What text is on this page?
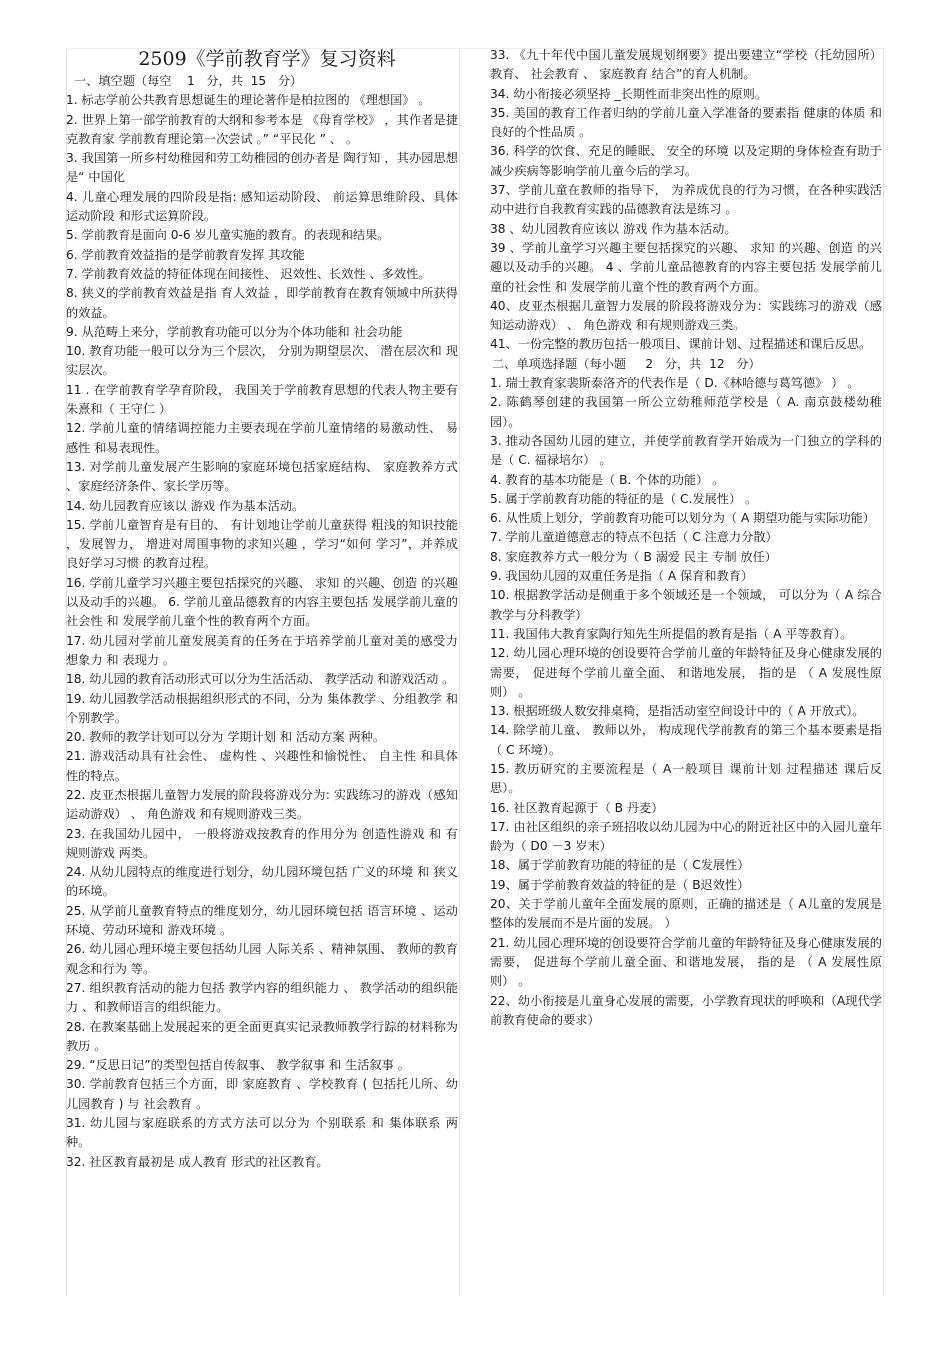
2509《学前教育学》复习资料
一、填空题（每空    1   分，共  15   分）

1. 标志学前公共教育思想诞生的理论著作是柏拉图的 《理想国》 。

2. 世界上第一部学前教育的大纲和参考本是 《母育学校》 ，其作者是捷克教育家 学前教育理论第一次尝试 。” “平民化 ” 、 。

3. 我国第一所乡村幼稚园和劳工幼稚园的创办者是 陶行知 ，其办园思想是“ 中国化

4. 儿童心理发展的四阶段是指: 感知运动阶段、 前运算思维阶段、具体运动阶段 和形式运算阶段。

5. 学前教育是面向 0-6 岁儿童实施的教育。的表现和结果。

6. 学前教育效益指的是学前教育发挥 其攻能

7. 学前教育效益的特征体现在间接性、 迟效性、长效性 、多效性。

8. 狭义的学前教育效益是指 育人效益 ，即学前教育在教育领域中所获得的效益。

9. 从范畴上来分，学前教育功能可以分为个体功能和 社会功能

10. 教育功能一般可以分为三个层次， 分别为期望层次、 潜在层次和 现实层次。

11 . 在学前教育学孕育阶段， 我国关于学前教育思想的代表人物主要有朱熹和（ 王守仁 ）

12. 学前儿童的情绪调控能力主要表现在学前儿童情绪的易激动性、 易感性 和易表现性。

13. 对学前儿童发展产生影响的家庭环境包括家庭结构、 家庭教养方式 、家庭经济条件、家长学历等。

14. 幼儿园教育应该以 游戏 作为基本活动。

15. 学前儿童智育是有目的、 有计划地让学前儿童获得 粗浅的知识技能 ，发展智力， 增进对周围事物的求知兴趣 ，学习“如何 学习”，并养成 良好学习习惯 的教育过程。

16. 学前儿童学习兴趣主要包括探究的兴趣、 求知 的兴趣、创造 的兴趣以及动手的兴趣。 6. 学前儿童品德教育的内容主要包括 发展学前儿童的社会性 和 发展学前儿童个性的教育两个方面。

17. 幼儿园对学前儿童发展美育的任务在于培养学前儿童对美的感受力 想象力 和 表现力 。

18. 幼儿园的教育活动形式可以分为生活活动、 教学活动 和游戏活动 。

19. 幼儿园教学活动根据组织形式的不同，分为 集体教学 、分组教学 和个别教学。

20. 教师的教学计划可以分为 学期计划 和 活动方案 两种。

21. 游戏活动具有社会性、 虚构性 、兴趣性和愉悦性、 自主性 和具体性的特点。

22. 皮亚杰根据儿童智力发展的阶段将游戏分为: 实践练习的游戏（感知运动游戏） 、 角色游戏 和有规则游戏三类。

23. 在我国幼儿园中， 一般将游戏按教育的作用分为 创造性游戏 和 有规则游戏 两类。

24. 从幼儿园特点的维度进行划分，幼儿园环境包括 广义的环境 和 狭义的环境。

25. 从学前儿童教育特点的维度划分，幼儿园环境包括 语言环境 、运动环境、劳动环境和 游戏环境 。

26. 幼儿园心理环境主要包括幼儿园 人际关系 、精神氛围、 教师的教育观念和行为 等。

27. 组织教育活动的能力包括 教学内容的组织能力 、 教学活动的组织能力 、和教师语言的组织能力。

28. 在教案基础上发展起来的更全面更真实记录教师教学行踪的材料称为 教历 。

29. “反思日记”的类型包括自传叙事、 教学叙事 和 生活叙事 。

30. 学前教育包括三个方面，即 家庭教育 、学校教育 ( 包括托儿所、幼儿园教育 ) 与 社会教育 。

31. 幼儿园与家庭联系的方式方法可以分为 个别联系 和 集体联系 两种。

32. 社区教育最初是 成人教育 形式的社区教育。

33. 《九十年代中国儿童发展规划纲要》提出要建立“学校（托幼园所）教育、 社会教育 、 家庭教育 结合”的育人机制。

34. 幼小衔接必须坚持 _长期性而非突出性的原则。

35. 美国的教育工作者归纳的学前儿童入学准备的要素指 健康的体质 和 良好的个性品质 。

36. 科学的饮食、充足的睡眠、 安全的环境 以及定期的身体检查有助于减少疾病等影响学前儿童今后的学习。

37、学前儿童在教师的指导下， 为养成优良的行为习惯，在各种实践活动中进行自我教育实践的品德教育法是练习 。

38 、幼儿园教育应该以 游戏 作为基本活动。

39 、学前儿童学习兴趣主要包括探究的兴趣、 求知 的兴趣、创造 的兴趣以及动手的兴趣。 4 、学前儿童品德教育的内容主要包括 发展学前儿童的社会性 和 发展学前儿童个性的教育两个方面。

40、皮亚杰根据儿童智力发展的阶段将游戏分为：实践练习的游戏（感知运动游戏） 、 角色游戏 和有规则游戏三类。

41、一份完整的教历包括一般项目、课前计划、过程描述和课后反思。

二、单项选择题（每小题     2   分，共  12   分）

1. 瑞士教育家裴斯泰洛齐的代表作是（ D.《林哈德与葛笃德》 ） 。

2. 陈鹤琴创建的我国第一所公立幼稚师范学校是（ A. 南京鼓楼幼稚园）。

3. 推动各国幼儿园的建立，并使学前教育学开始成为一门独立的学科的是（ C. 福禄培尔） 。

4. 教育的基本功能是（ B. 个体的功能） 。

5. 属于学前教育功能的特征的是（ C.发展性） 。

6. 从性质上划分，学前教育功能可以划分为（ A 期望功能与实际功能）

7. 学前儿童道德意志的特点不包括（ C 注意力分散）

8. 家庭教养方式一般分为（ B 溺爱 民主 专制 放任）

9. 我国幼儿园的双重任务是指（ A 保育和教育）

10. 根据教学活动是侧重于多个领域还是一个领域， 可以分为（ A 综合教学与分科教学）

11. 我国伟大教育家陶行知先生所提倡的教育是指（ A 平等教育）。

12. 幼儿园心理环境的创设要符合学前儿童的年龄特征及身心健康发展的需要， 促进每个学前儿童全面、 和谐地发展， 指的是 （ A 发展性原则） 。

13. 根据班级人数安排桌椅，是指活动室空间设计中的（ A 开放式）。

14. 除学前儿童、 教师以外， 构成现代学前教育的第三个基本要素是指（ C 环境）。

15. 教历研究的主要流程是（ A一般项目 课前计划 过程描述 课后反思）。

16. 社区教育起源于（ B 丹麦）

17. 由社区组织的亲子班招收以幼儿园为中心的附近社区中的入园儿童年龄为（ D0 －3 岁末）

18、属于学前教育功能的特征的是（ C发展性）

19、属于学前教育效益的特征的是（ B迟效性）

20、关于学前儿童年全面发展的原则，正确的描述是（ A儿童的发展是整体的发展而不是片面的发展。 ）

21. 幼儿园心理环境的创设要符合学前儿童的年龄特征及身心健康发展的需要， 促进每个学前儿童全面、和谐地发展， 指的是 （ A 发展性原则） 。

22、幼小衔接是儿童身心发展的需要，小学教育现状的呼唤和（A现代学前教育使命的要求）
